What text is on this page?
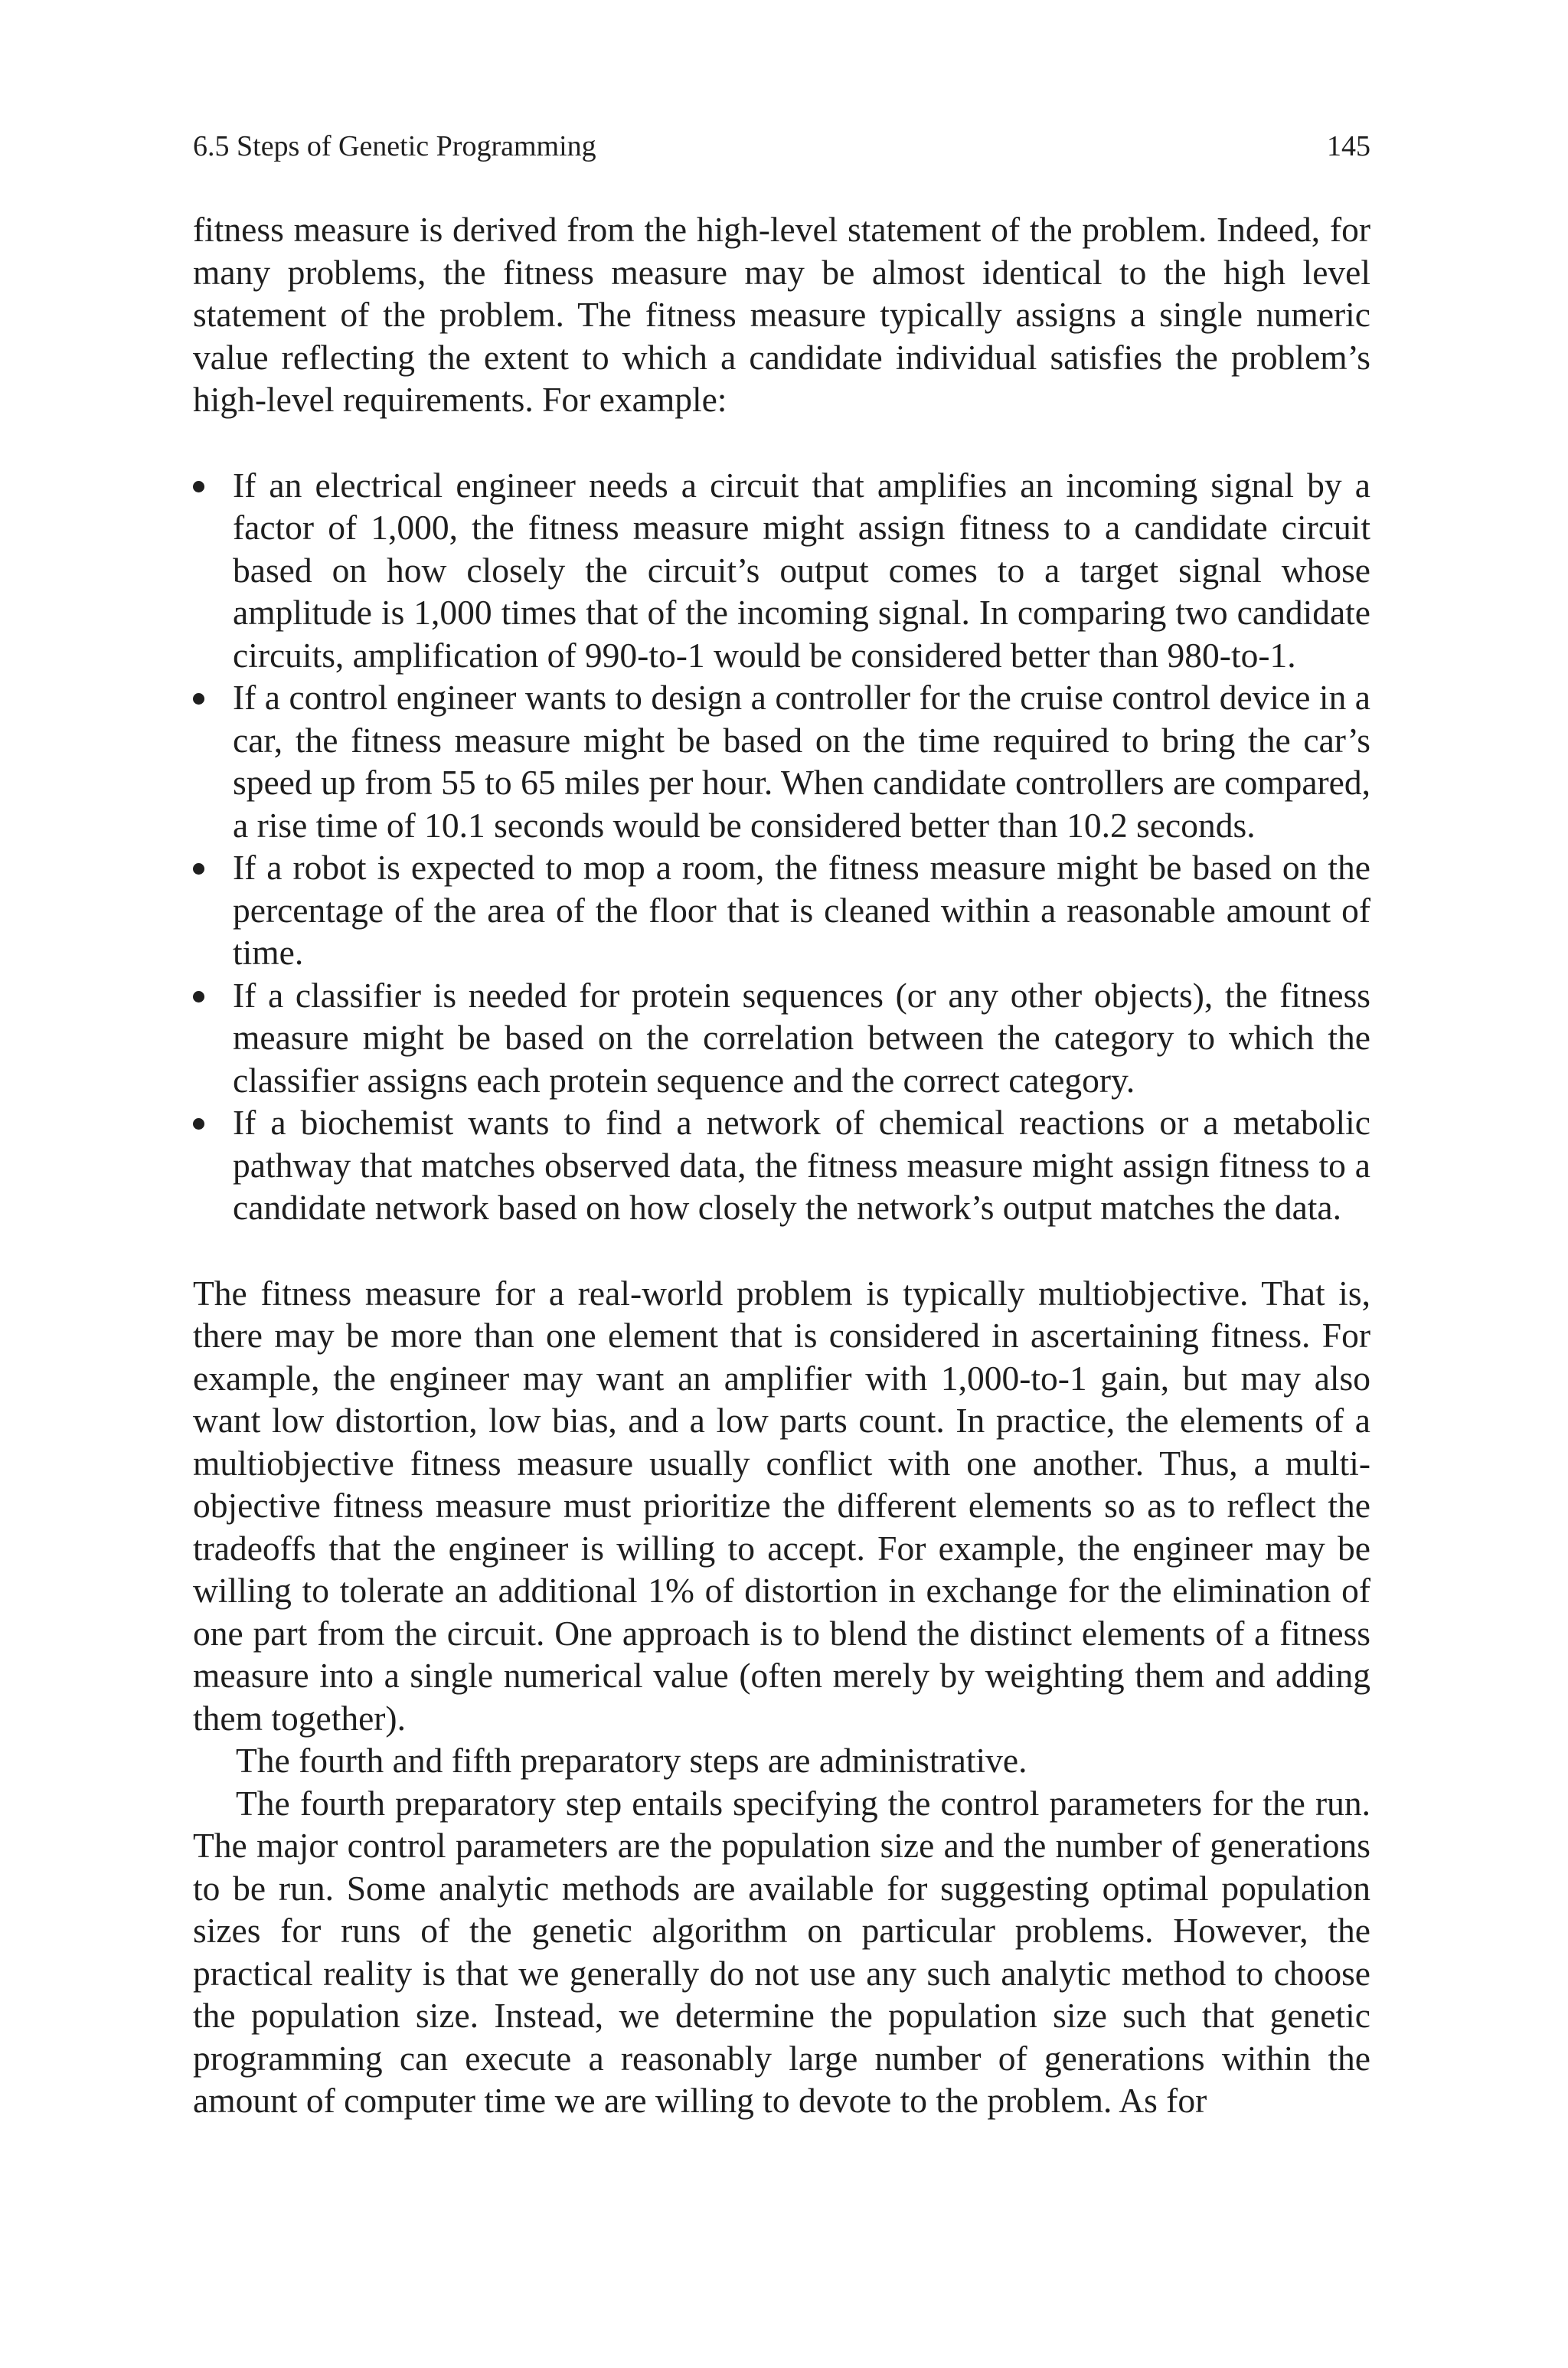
6.5 Steps of Genetic Programming	145

fitness measure is derived from the high-level statement of the problem. Indeed, for many problems, the fitness measure may be almost identical to the high level statement of the problem. The fitness measure typically assigns a single numeric value reflecting the extent to which a candidate individual satisfies the problem’s high-level requirements. For example:

If an electrical engineer needs a circuit that amplifies an incoming signal by a factor of 1,000, the fitness measure might assign fitness to a candidate circuit based on how closely the circuit’s output comes to a target signal whose amplitude is 1,000 times that of the incoming signal. In comparing two candidate circuits, amplification of 990-to-1 would be considered better than 980-to-1.
If a control engineer wants to design a controller for the cruise control device in a car, the fitness measure might be based on the time required to bring the car’s speed up from 55 to 65 miles per hour. When candidate controllers are compared, a rise time of 10.1 seconds would be considered better than 10.2 seconds.
If a robot is expected to mop a room, the fitness measure might be based on the percentage of the area of the floor that is cleaned within a reasonable amount of time.
If a classifier is needed for protein sequences (or any other objects), the fitness measure might be based on the correlation between the category to which the classifier assigns each protein sequence and the correct category.
If a biochemist wants to find a network of chemical reactions or a metabolic pathway that matches observed data, the fitness measure might assign fitness to a candidate network based on how closely the network’s output matches the data.

The fitness measure for a real-world problem is typically multiobjective. That is, there may be more than one element that is considered in ascertaining fitness. For example, the engineer may want an amplifier with 1,000-to-1 gain, but may also want low distortion, low bias, and a low parts count. In practice, the elements of a multiobjective fitness measure usually conflict with one another. Thus, a multiobjective fitness measure must prioritize the different elements so as to reflect the tradeoffs that the engineer is willing to accept. For example, the engineer may be willing to tolerate an additional 1% of distortion in exchange for the elimination of one part from the circuit. One approach is to blend the distinct elements of a fitness measure into a single numerical value (often merely by weighting them and adding them together).

The fourth and fifth preparatory steps are administrative.

The fourth preparatory step entails specifying the control parameters for the run. The major control parameters are the population size and the number of generations to be run. Some analytic methods are available for suggesting optimal population sizes for runs of the genetic algorithm on particular problems. However, the practical reality is that we generally do not use any such analytic method to choose the population size. Instead, we determine the population size such that genetic programming can execute a reasonably large number of generations within the amount of computer time we are willing to devote to the problem. As for
